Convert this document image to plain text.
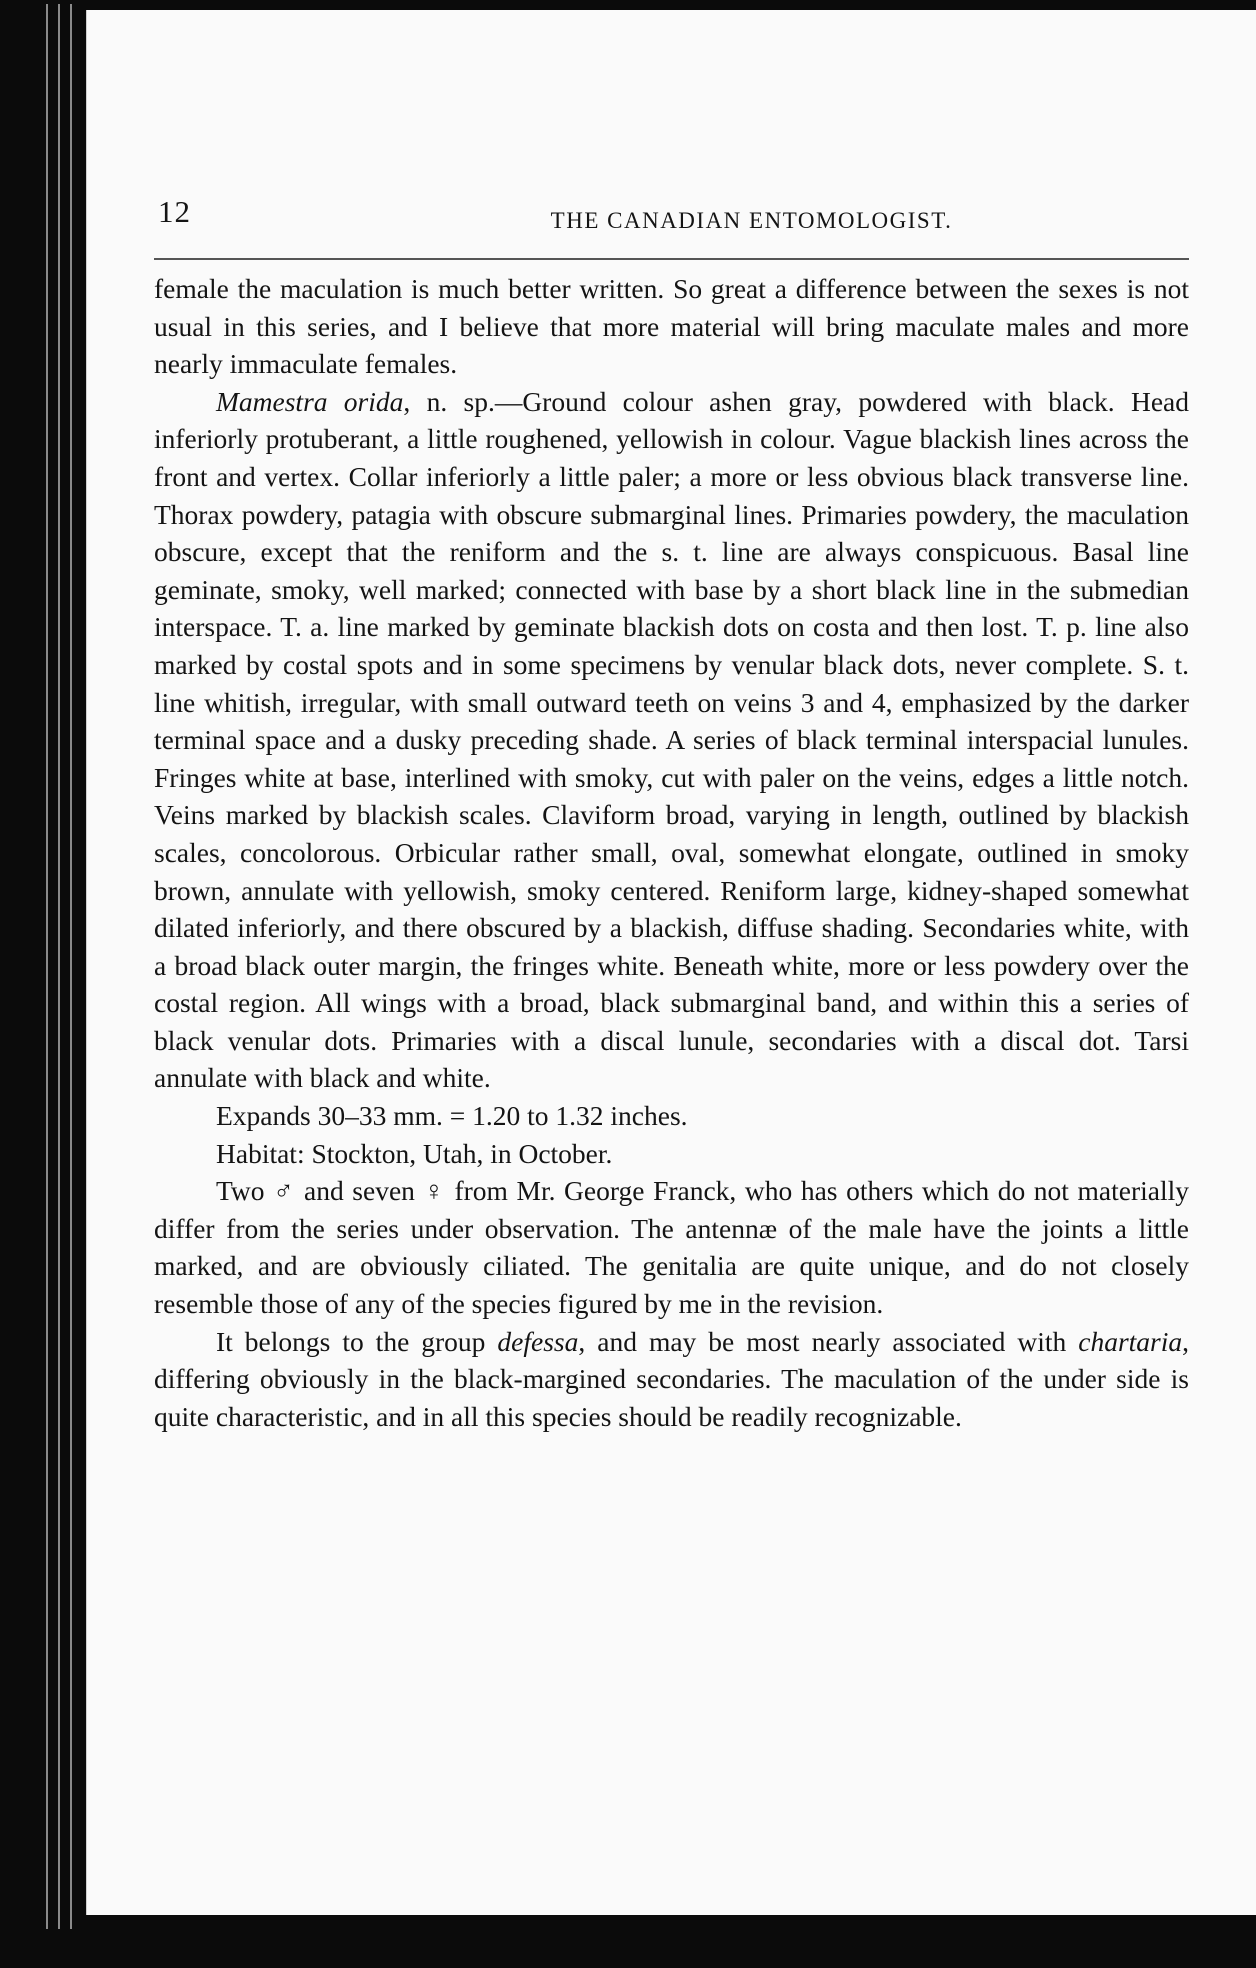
12	THE CANADIAN ENTOMOLOGIST.

female the maculation is much better written. So great a difference between the sexes is not usual in this series, and I believe that more material will bring maculate males and more nearly immaculate females.

Mamestra orida, n. sp.—Ground colour ashen gray, powdered with black. Head inferiorly protuberant, a little roughened, yellowish in colour. Vague blackish lines across the front and vertex. Collar inferiorly a little paler; a more or less obvious black transverse line. Thorax powdery, patagia with obscure submarginal lines. Primaries powdery, the maculation obscure, except that the reniform and the s. t. line are always conspicuous. Basal line geminate, smoky, well marked; connected with base by a short black line in the submedian interspace. T. a. line marked by geminate blackish dots on costa and then lost. T. p. line also marked by costal spots and in some specimens by venular black dots, never complete. S. t. line whitish, irregular, with small outward teeth on veins 3 and 4, emphasized by the darker terminal space and a dusky preceding shade. A series of black terminal interspacial lunules. Fringes white at base, interlined with smoky, cut with paler on the veins, edges a little notch. Veins marked by blackish scales. Claviform broad, varying in length, outlined by blackish scales, concolorous. Orbicular rather small, oval, somewhat elongate, outlined in smoky brown, annulate with yellowish, smoky centered. Reniform large, kidney-shaped somewhat dilated inferiorly, and there obscured by a blackish, diffuse shading. Secondaries white, with a broad black outer margin, the fringes white. Beneath white, more or less powdery over the costal region. All wings with a broad, black submarginal band, and within this a series of black venular dots. Primaries with a discal lunule, secondaries with a discal dot. Tarsi annulate with black and white.

Expands 30–33 mm. = 1.20 to 1.32 inches.

Habitat: Stockton, Utah, in October.

Two ♂ and seven ♀ from Mr. George Franck, who has others which do not materially differ from the series under observation. The antennæ of the male have the joints a little marked, and are obviously ciliated. The genitalia are quite unique, and do not closely resemble those of any of the species figured by me in the revision.

It belongs to the group defessa, and may be most nearly associated with chartaria, differing obviously in the black-margined secondaries. The maculation of the under side is quite characteristic, and in all this species should be readily recognizable.
